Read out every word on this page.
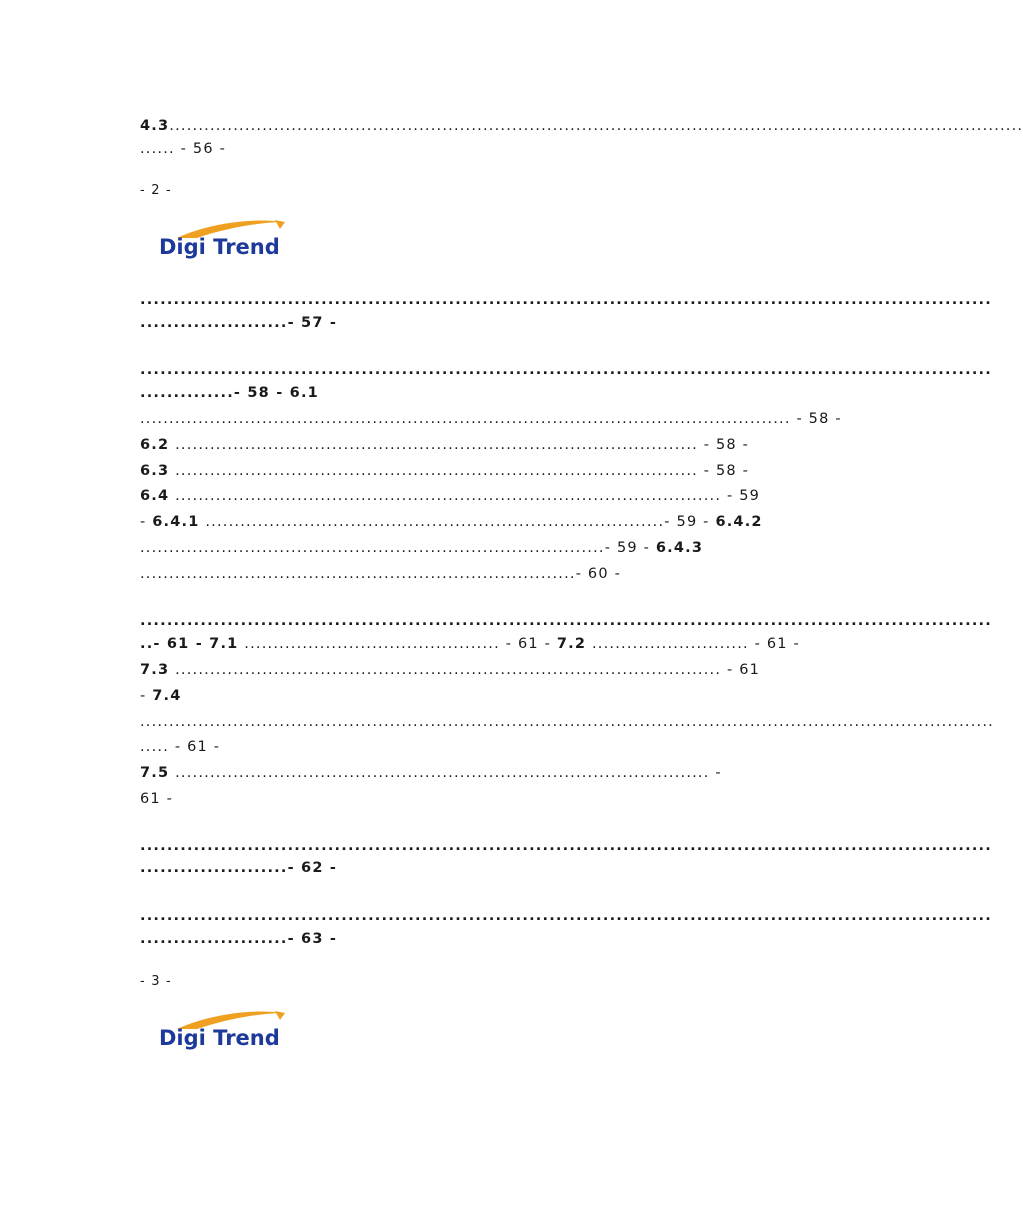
4.3...................................................................................................................................................
...... - 56 -
- 2 -
Digi Trend
...............................................................................................................................
......................- 57 -
...............................................................................................................................
..............- 58 - 6.1
................................................................................................................ - 58 -
6.2 .......................................................................................... - 58 -
6.3 .......................................................................................... - 58 -
6.4 .............................................................................................. - 59
- 6.4.1 ...............................................................................- 59 - 6.4.2
................................................................................- 59 - 6.4.3
...........................................................................- 60 -
...............................................................................................................................
..- 61 - 7.1 ............................................ - 61 - 7.2 ........................... - 61 -
7.3 .............................................................................................. - 61
- 7.4
...................................................................................................................................................
..... - 61 -
7.5 ............................................................................................ -
61 -
...............................................................................................................................
......................- 62 -
...............................................................................................................................
......................- 63 -
- 3 -
Digi Trend
